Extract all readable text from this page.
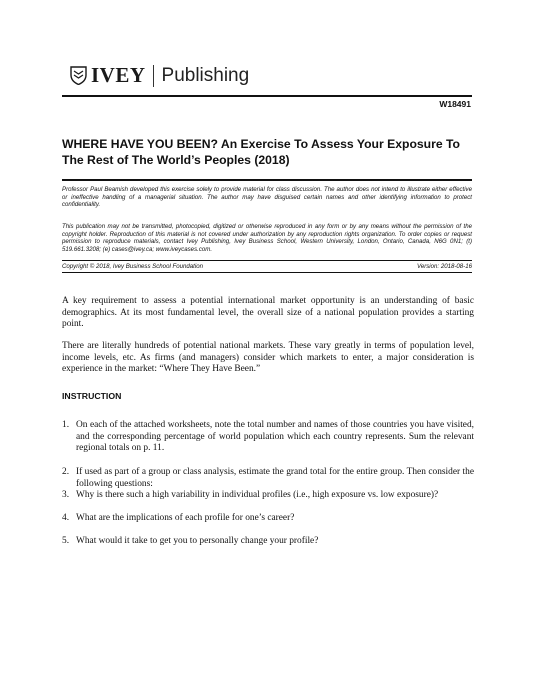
IVEY Publishing
W18491
WHERE HAVE YOU BEEN? An Exercise To Assess Your Exposure To The Rest of The World’s Peoples (2018)

Professor Paul Beamish developed this exercise solely to provide material for class discussion. The author does not intend to illustrate either effective or ineffective handling of a managerial situation. The author may have disguised certain names and other identifying information to protect confidentiality.

This publication may not be transmitted, photocopied, digitized or otherwise reproduced in any form or by any means without the permission of the copyright holder. Reproduction of this material is not covered under authorization by any reproduction rights organization. To order copies or request permission to reproduce materials, contact Ivey Publishing, Ivey Business School, Western University, London, Ontario, Canada, N6G 0N1; (t) 519.661.3208; (e) cases@ivey.ca; www.iveycases.com.

Copyright © 2018, Ivey Business School Foundation	Version: 2018-08-16

A key requirement to assess a potential international market opportunity is an understanding of basic demographics. At its most fundamental level, the overall size of a national population provides a starting point.

There are literally hundreds of potential national markets. These vary greatly in terms of population level, income levels, etc. As firms (and managers) consider which markets to enter, a major consideration is experience in the market: “Where They Have Been.”

INSTRUCTION
1. On each of the attached worksheets, note the total number and names of those countries you have visited, and the corresponding percentage of world population which each country represents. Sum the relevant regional totals on p. 11.
2. If used as part of a group or class analysis, estimate the grand total for the entire group. Then consider the following questions:
3. Why is there such a high variability in individual profiles (i.e., high exposure vs. low exposure)?
4. What are the implications of each profile for one’s career?
5. What would it take to get you to personally change your profile?
